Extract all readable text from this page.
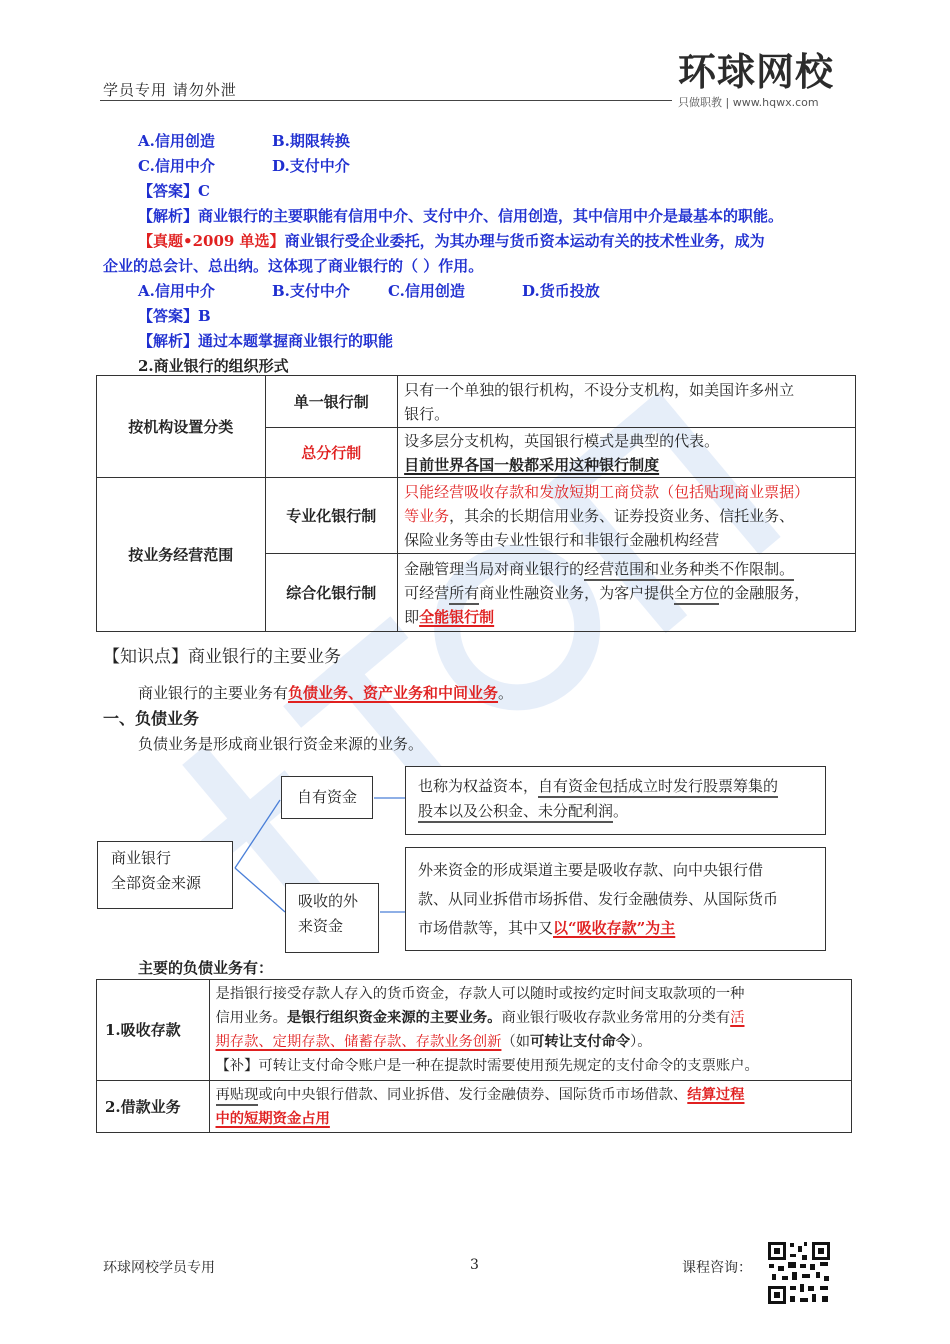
学员专用 请勿外泄	环球网校
只做职教 | www.hqwx.com
A.信用创造	B.期限转换
C.信用中介	D.支付中介
【答案】C
【解析】商业银行的主要职能有信用中介、支付中介、信用创造，其中信用中介是最基本的职能。
【真题•2009 单选】商业银行受企业委托，为其办理与货币资本运动有关的技术性业务，成为
企业的总会计、总出纳。这体现了商业银行的（ ）作用。
A.信用中介	B.支付中介	C.信用创造	D.货币投放
【答案】B
【解析】通过本题掌握商业银行的职能
2.商业银行的组织形式
按机构设置分类	单一银行制	只有一个单独的银行机构，不设分支机构，如美国许多州立
银行。

	总分行制	设多层分支机构，英国银行模式是典型的代表。
目前世界各国一般都采用这种银行制度

按业务经营范围	专业化银行制	只能经营吸收存款和发放短期工商贷款（包括贴现商业票据）
等业务，其余的长期信用业务、证券投资业务、信托业务、
保险业务等由专业性银行和非银行金融机构经营

	综合化银行制	金融管理当局对商业银行的经营范围和业务种类不作限制。
可经营所有商业性融资业务，为客户提供全方位的金融服务，
即全能银行制
【知识点】商业银行的主要业务
商业银行的主要业务有负债业务、资产业务和中间业务。
一、负债业务
负债业务是形成商业银行资金来源的业务。
商业银行
全部资金来源
自有资金
吸收的外
来资金
也称为权益资本，自有资金包括成立时发行股票筹集的
股本以及公积金、未分配利润。
外来资金的形成渠道主要是吸收存款、向中央银行借
款、从同业拆借市场拆借、发行金融债券、从国际货币
市场借款等，其中又以“吸收存款”为主
主要的负债业务有：
1.吸收存款	是指银行接受存款人存入的货币资金，存款人可以随时或按约定时间支取款项的一种
信用业务。是银行组织资金来源的主要业务。商业银行吸收存款业务常用的分类有活
期存款、定期存款、储蓄存款、存款业务创新（如可转让支付命令）。
【补】可转让支付命令账户是一种在提款时需要使用预先规定的支付命令的支票账户。

2.借款业务	再贴现或向中央银行借款、同业拆借、发行金融债券、国际货币市场借款、结算过程
中的短期资金占用
环球网校学员专用	3	课程咨询：
